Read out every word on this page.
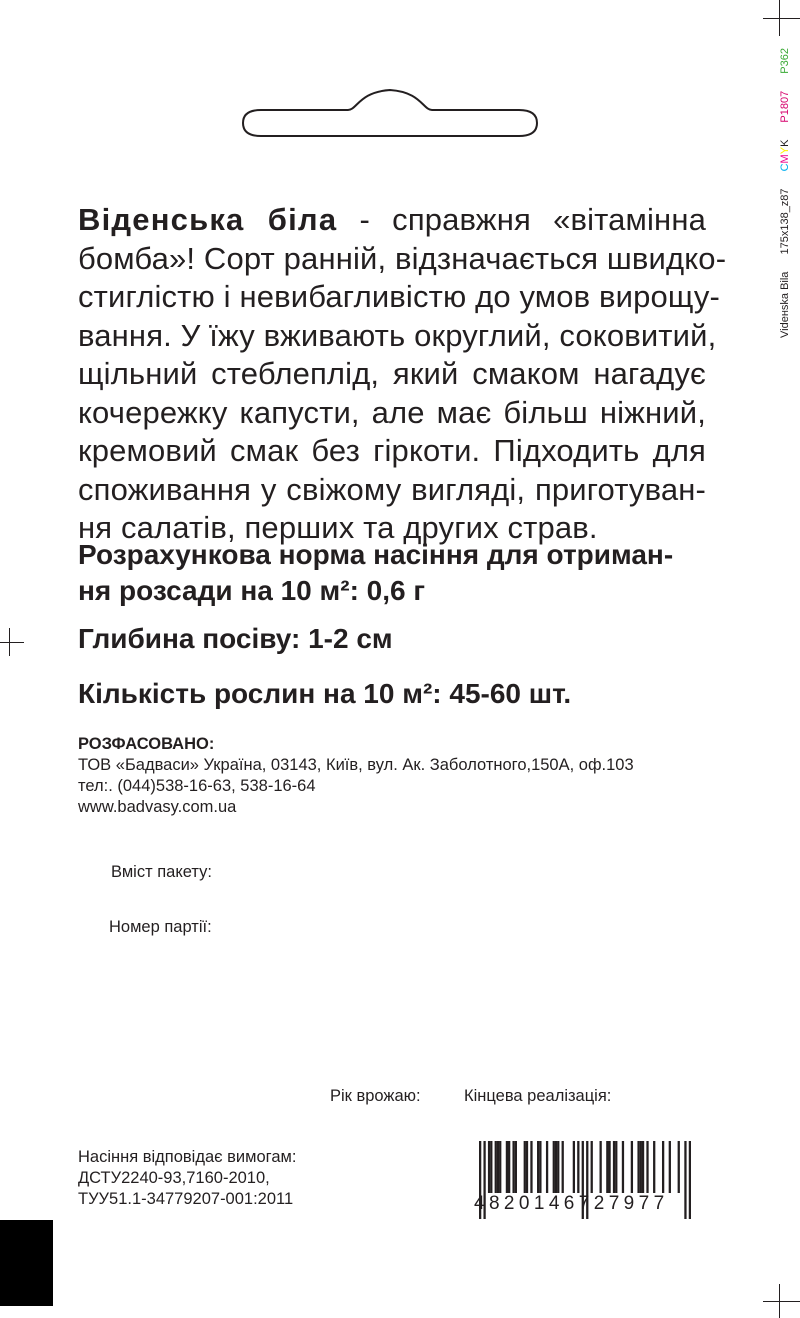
Vidенska Bila 175x138_z87 CMYKP1807 P362
Віденська біла - справжня «вітамінна
бомба»! Сорт ранній, відзначається швидко-
стиглістю і невибагливістю до умов вирощу-
вання. У їжу вживають округлий, соковитий,
щільний стеблеплід, який смаком нагадує
кочережку капусти, але має більш ніжний,
кремовий смак без гіркоти. Підходить для
споживання у свіжому вигляді, приготуван-
ня салатів, перших та других страв.
Розрахункова норма насіння для отриман-
ня розсади на 10 м²: 0,6 г
Глибина посіву: 1-2 см
Кількість рослин на 10 м²: 45-60 шт.
РОЗФАСОВАНО:
ТОВ «Бадваси» Україна, 03143, Київ, вул. Ак. Заболотного,150А, оф.103
тел:. (044)538-16-63, 538-16-64
www.badvasy.com.ua
Вміст пакету:
Номер партії:
Рік врожаю:	Кінцева реалізація:
Насіння відповідає вимогам:
ДСТУ2240-93,7160-2010,
ТУУ51.1-34779207-001:2011	4820146727977
